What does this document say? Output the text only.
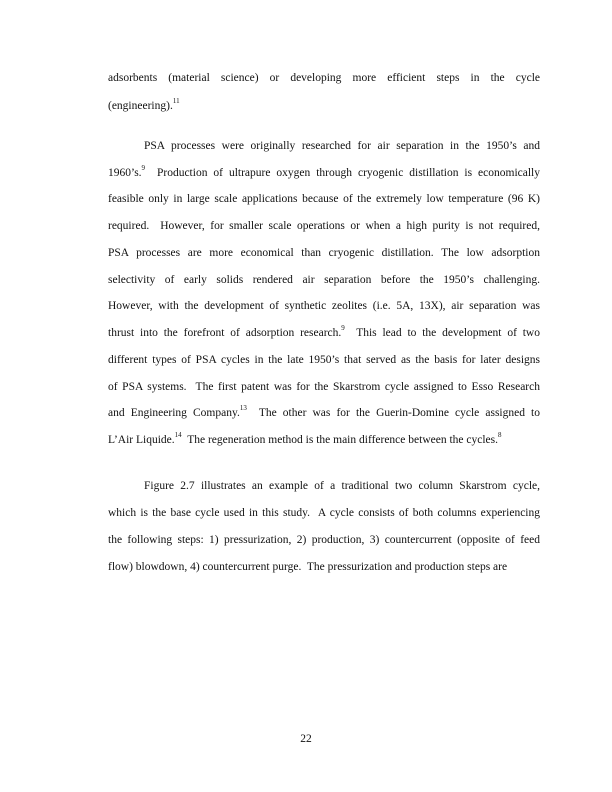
adsorbents (material science) or developing more efficient steps in the cycle
(engineering).$^{11}$
PSA processes were originally researched for air separation in the 1950’s and
1960’s.$^9$  Production of ultrapure oxygen through cryogenic distillation is economically
feasible only in large scale applications because of the extremely low temperature (96 K)
required.  However, for smaller scale operations or when a high purity is not required,
PSA processes are more economical than cryogenic distillation. The low adsorption
selectivity of early solids rendered air separation before the 1950’s challenging.
However, with the development of synthetic zeolites (i.e. 5A, 13X), air separation was
thrust into the forefront of adsorption research.$^9$  This lead to the development of two
different types of PSA cycles in the late 1950’s that served as the basis for later designs
of PSA systems.  The first patent was for the Skarstrom cycle assigned to Esso Research
and Engineering Company.$^{13}$  The other was for the Guerin-Domine cycle assigned to
L’Air Liquide.$^{14}$  The regeneration method is the main difference between the cycles.$^8$
Figure 2.7 illustrates an example of a traditional two column Skarstrom cycle,
which is the base cycle used in this study.  A cycle consists of both columns experiencing
the following steps: 1) pressurization, 2) production, 3) countercurrent (opposite of feed
flow) blowdown, 4) countercurrent purge.  The pressurization and production steps are
22
